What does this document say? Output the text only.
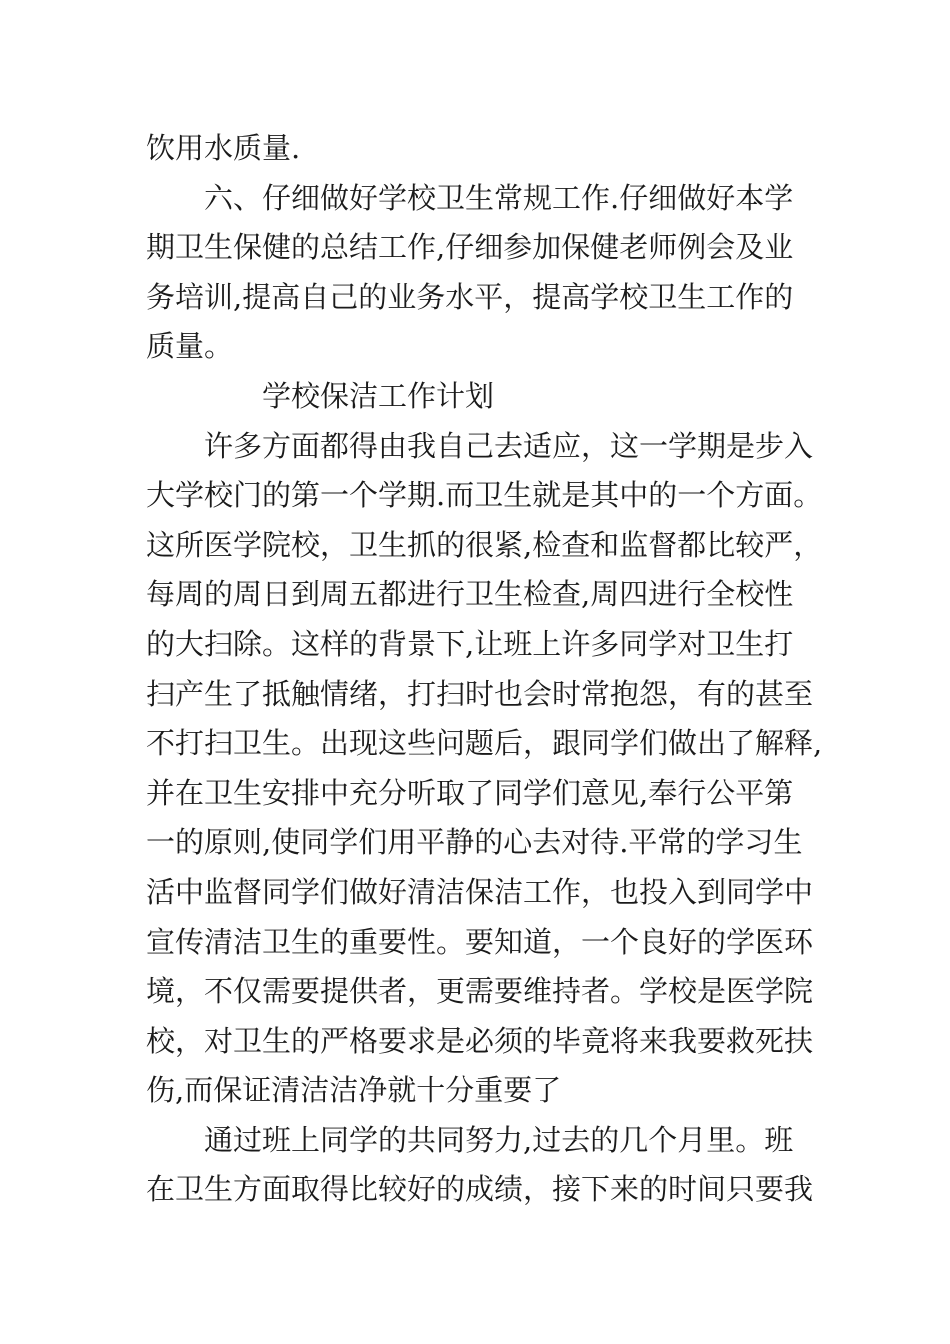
饮用水质量.
六、仔细做好学校卫生常规工作.仔细做好本学
期卫生保健的总结工作,仔细参加保健老师例会及业
务培训,提高自己的业务水平，提高学校卫生工作的
质量。
学校保洁工作计划
许多方面都得由我自己去适应，这一学期是步入
大学校门的第一个学期.而卫生就是其中的一个方面。
这所医学院校，卫生抓的很紧,检查和监督都比较严，
每周的周日到周五都进行卫生检查,周四进行全校性
的大扫除。这样的背景下,让班上许多同学对卫生打
扫产生了抵触情绪，打扫时也会时常抱怨，有的甚至
不打扫卫生。出现这些问题后，跟同学们做出了解释,
并在卫生安排中充分听取了同学们意见,奉行公平第
一的原则,使同学们用平静的心去对待.平常的学习生
活中监督同学们做好清洁保洁工作，也投入到同学中
宣传清洁卫生的重要性。要知道，一个良好的学医环
境，不仅需要提供者，更需要维持者。学校是医学院
校，对卫生的严格要求是必须的毕竟将来我要救死扶
伤,而保证清洁洁净就十分重要了
通过班上同学的共同努力,过去的几个月里。班
在卫生方面取得比较好的成绩，接下来的时间只要我
